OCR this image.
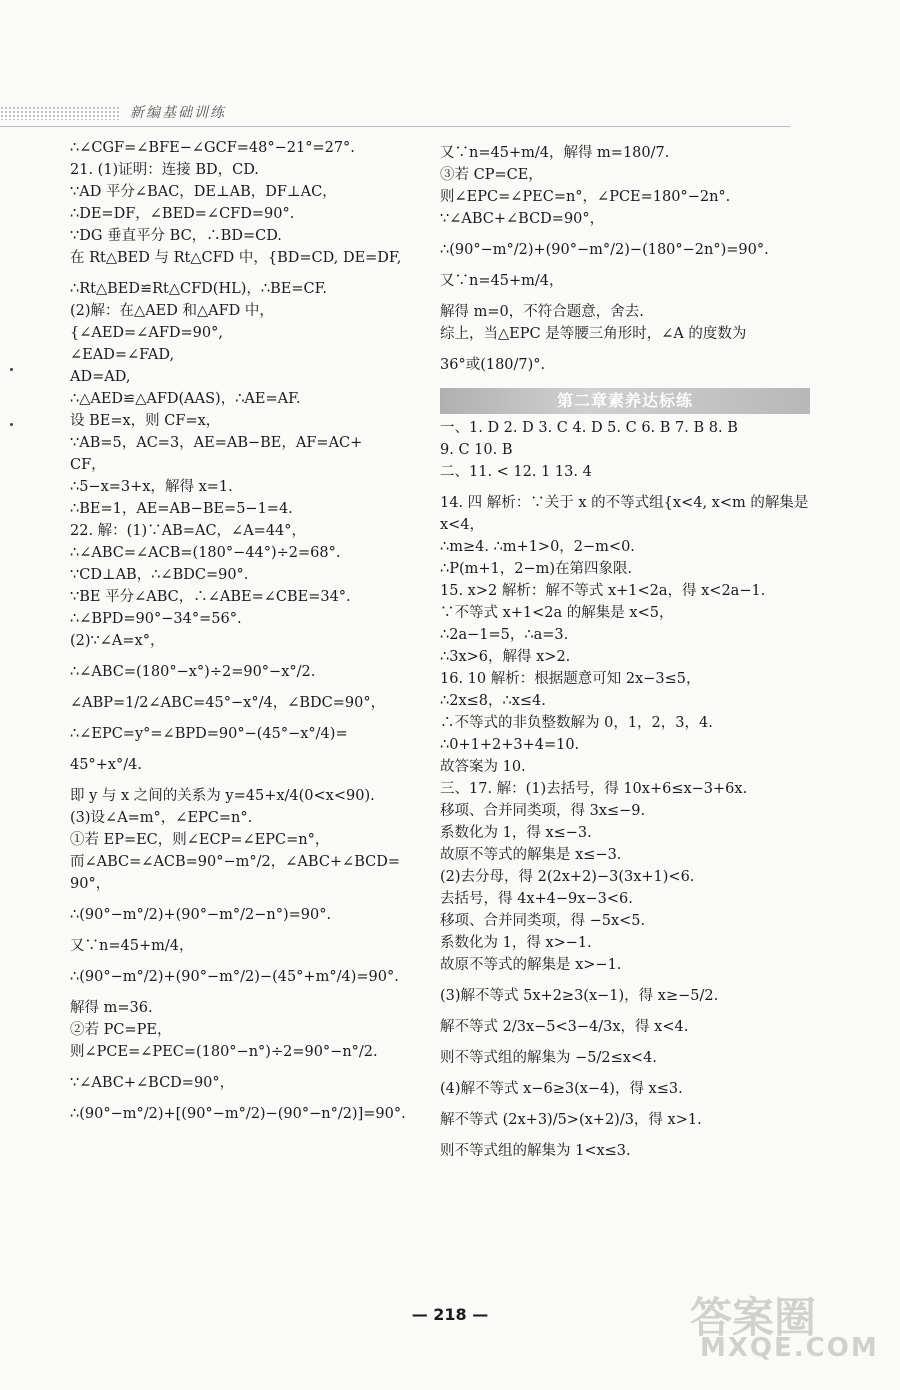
新编基础训练

∴∠CGF=∠BFE−∠GCF=48°−21°=27°.

21. (1)证明：连接 BD，CD.

∵AD 平分∠BAC，DE⊥AB，DF⊥AC，

∴DE=DF，∠BED=∠CFD=90°.

∵DG 垂直平分 BC，∴BD=CD.

在 Rt△BED 与 Rt△CFD 中，{BD=CD, DE=DF,

∴Rt△BED≌Rt△CFD(HL)，∴BE=CF.

(2)解：在△AED 和△AFD 中，

{∠AED=∠AFD=90°,

∠EAD=∠FAD,

AD=AD,

∴△AED≌△AFD(AAS)，∴AE=AF.

设 BE=x，则 CF=x，

∵AB=5，AC=3，AE=AB−BE，AF=AC+

CF，

∴5−x=3+x，解得 x=1.

∴BE=1，AE=AB−BE=5−1=4.

22. 解：(1)∵AB=AC，∠A=44°，

∴∠ABC=∠ACB=(180°−44°)÷2=68°.

∵CD⊥AB，∴∠BDC=90°.

∵BE 平分∠ABC，∴∠ABE=∠CBE=34°.

∴∠BPD=90°−34°=56°.

(2)∵∠A=x°，

∴∠ABC=(180°−x°)÷2=90°−x°/2.

∠ABP=1/2∠ABC=45°−x°/4，∠BDC=90°，

∴∠EPC=y°=∠BPD=90°−(45°−x°/4)=

45°+x°/4.

即 y 与 x 之间的关系为 y=45+x/4(0<x<90).

(3)设∠A=m°，∠EPC=n°.

①若 EP=EC，则∠ECP=∠EPC=n°，

而∠ABC=∠ACB=90°−m°/2，∠ABC+∠BCD=

90°，

∴(90°−m°/2)+(90°−m°/2−n°)=90°.

又∵n=45+m/4，

∴(90°−m°/2)+(90°−m°/2)−(45°+m°/4)=90°.

解得 m=36.

②若 PC=PE，

则∠PCE=∠PEC=(180°−n°)÷2=90°−n°/2.

∵∠ABC+∠BCD=90°，

∴(90°−m°/2)+[(90°−m°/2)−(90°−n°/2)]=90°.

又∵n=45+m/4，解得 m=180/7.

③若 CP=CE，

则∠EPC=∠PEC=n°，∠PCE=180°−2n°.

∵∠ABC+∠BCD=90°，

∴(90°−m°/2)+(90°−m°/2)−(180°−2n°)=90°.

又∵n=45+m/4，

解得 m=0，不符合题意，舍去.

综上，当△EPC 是等腰三角形时，∠A 的度数为

36°或(180/7)°.

第二章素养达标练

一、1. D 2. D 3. C 4. D 5. C 6. B 7. B 8. B

9. C 10. B

二、11. < 12. 1 13. 4

14. 四 解析：∵关于 x 的不等式组{x<4, x<m 的解集是

x<4，

∴m≥4. ∴m+1>0，2−m<0.

∴P(m+1，2−m)在第四象限.

15. x>2 解析：解不等式 x+1<2a，得 x<2a−1.

∵不等式 x+1<2a 的解集是 x<5，

∴2a−1=5，∴a=3.

∴3x>6，解得 x>2.

16. 10 解析：根据题意可知 2x−3≤5，

∴2x≤8，∴x≤4.

∴不等式的非负整数解为 0，1，2，3，4.

∴0+1+2+3+4=10.

故答案为 10.

三、17. 解：(1)去括号，得 10x+6≤x−3+6x.

移项、合并同类项，得 3x≤−9.

系数化为 1，得 x≤−3.

故原不等式的解集是 x≤−3.

(2)去分母，得 2(2x+2)−3(3x+1)<6.

去括号，得 4x+4−9x−3<6.

移项、合并同类项，得 −5x<5.

系数化为 1，得 x>−1.

故原不等式的解集是 x>−1.

(3)解不等式 5x+2≥3(x−1)，得 x≥−5/2.

解不等式 2/3x−5<3−4/3x，得 x<4.

则不等式组的解集为 −5/2≤x<4.

(4)解不等式 x−6≥3(x−4)，得 x≤3.

解不等式 (2x+3)/5>(x+2)/3，得 x>1.

则不等式组的解集为 1<x≤3.

— 218 —	答案圈
MXQE.COM
